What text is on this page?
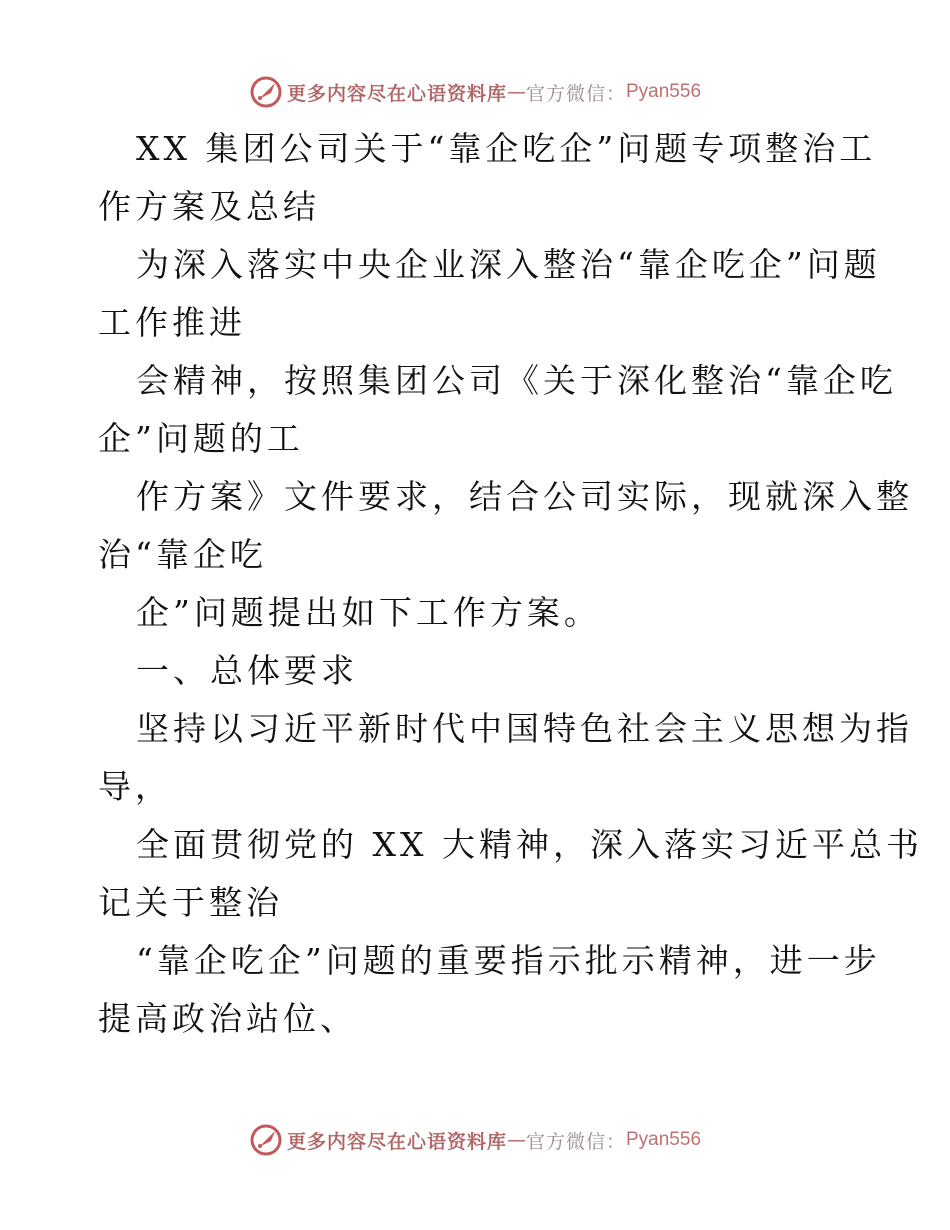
更多内容尽在心语资料库 — 官方微信： Pyan556
XX 集团公司关于“靠企吃企”问题专项整治工
作方案及总结
为深入落实中央企业深入整治“靠企吃企”问题
工作推进
会精神，按照集团公司《关于深化整治“靠企吃
企”问题的工
作方案》文件要求，结合公司实际，现就深入整
治“靠企吃
企”问题提出如下工作方案。
一、总体要求
坚持以习近平新时代中国特色社会主义思想为指
导，
全面贯彻党的 XX 大精神，深入落实习近平总书
记关于整治
“靠企吃企”问题的重要指示批示精神，进一步
提高政治站位、
更多内容尽在心语资料库 — 官方微信： Pyan556
